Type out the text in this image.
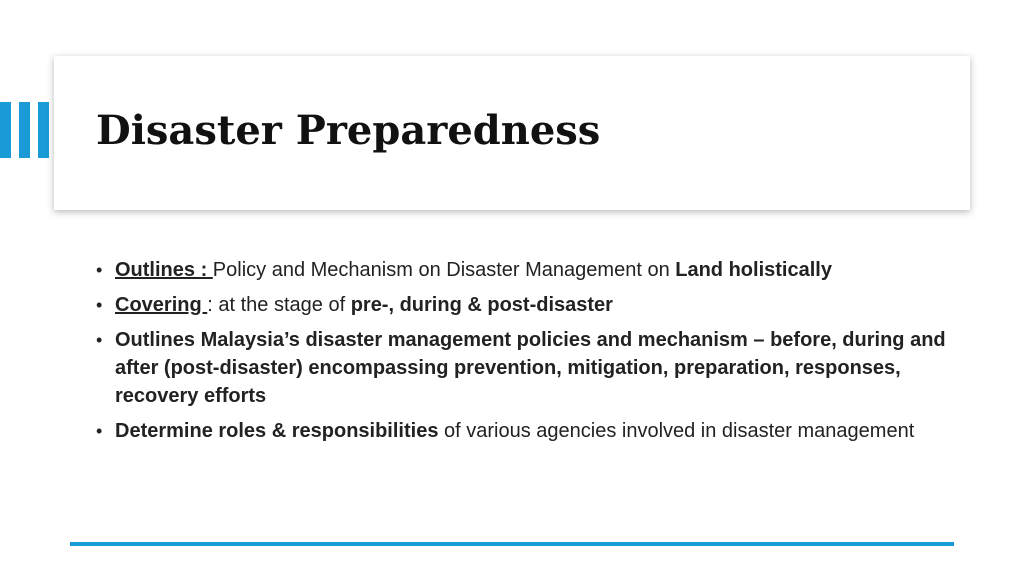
Disaster Preparedness
• Outlines : Policy and Mechanism on Disaster Management on Land holistically
• Covering : at the stage of pre-, during & post-disaster
• Outlines Malaysia’s disaster management policies and mechanism – before, during and after (post-disaster) encompassing prevention, mitigation, preparation, responses, recovery efforts
• Determine roles & responsibilities of various agencies involved in disaster management
